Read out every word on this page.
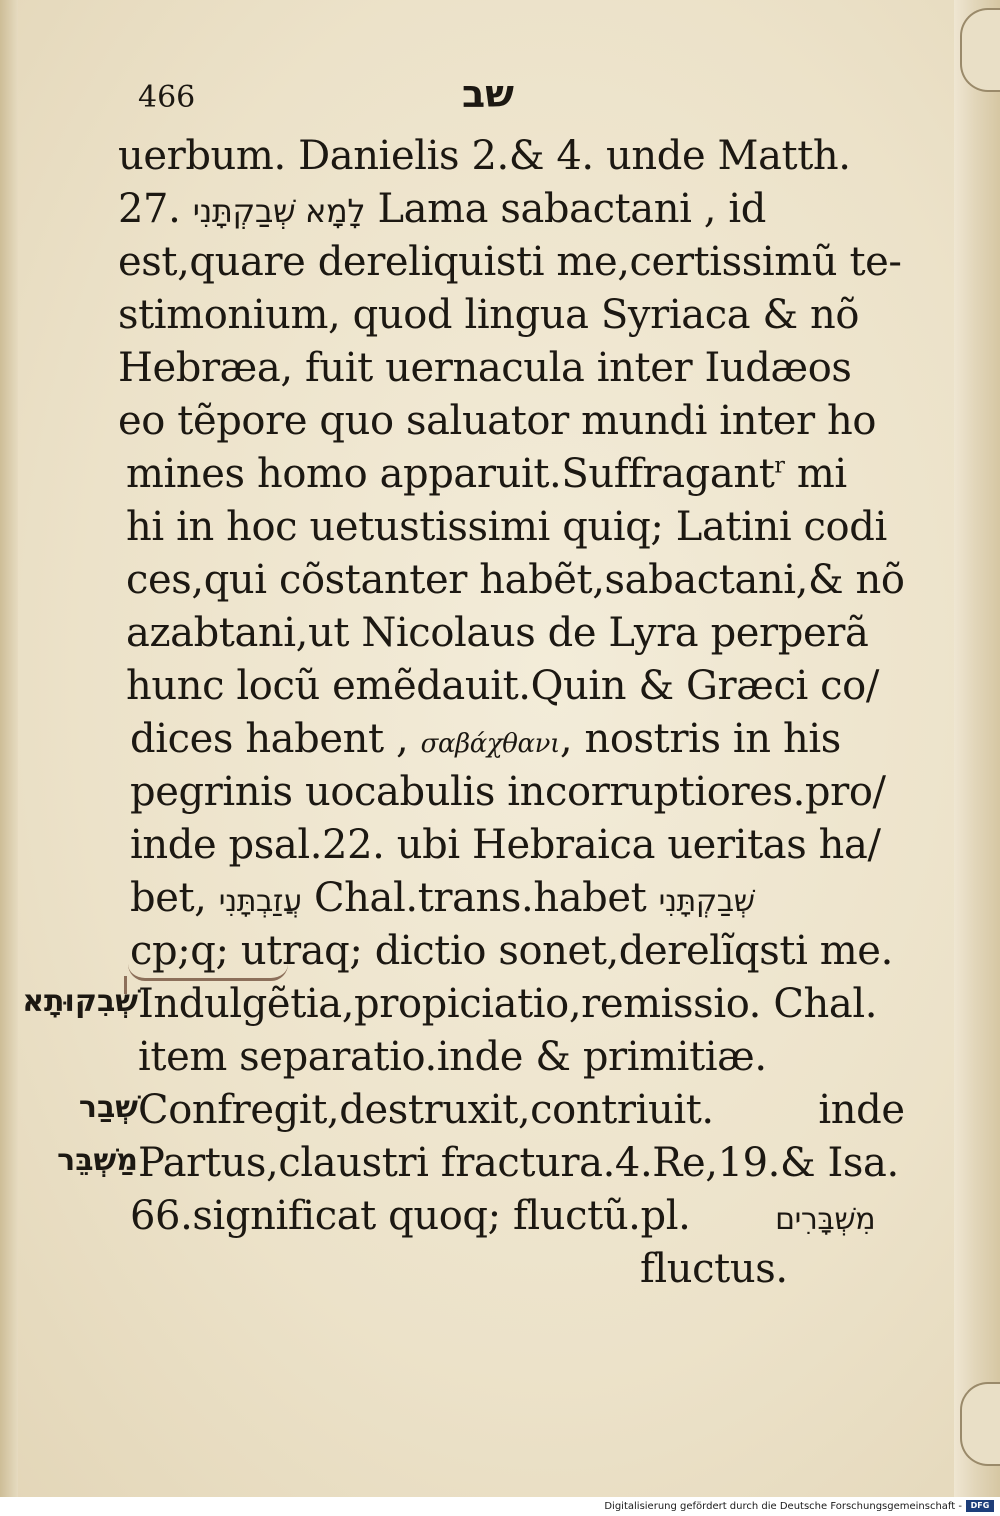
466	שב
uerbum. Danielis 2.& 4. unde Matth.
27. לָמָא שְׁבַקְתָּנִי Lama sabactani , id
est,quare dereliquisti me,certissimũ te-
stimonium, quod lingua Syriaca & nõ
Hebræa, fuit uernacula inter Iudæos
eo tẽpore quo saluator mundi inter ho
mines homo apparuit.Suffragant$^r$ mi
hi in hoc uetustissimi quiq; Latini codi
ces,qui cõstanter habẽt,sabactani,& nõ
azabtani,ut Nicolaus de Lyra perperã
hunc locũ emẽdauit.Quin & Græci co/
dices habent , σαβάχθανι, nostris in his
pegrinis uocabulis incorruptiores.pro/
inde psal.22. ubi Hebraica ueritas ha/
bet, עֲזַבְתָּנִי Chal.trans.habet שְׁבַקְתָּנִי
cp;q; utraq; dictio sonet,derelĩqsti me.
Indulgẽtia,propiciatio,remissio. Chal.
item separatio.inde & primitiæ.
Confregit,destruxit,contriuit.	inde
Partus,claustri fractura.4.Re,19.& Isa.
66.significat quoq; fluctũ.pl.	מִשְׁבָּרִים
fluctus.
שְׁבִקוּתָא
שְׁבַר
מַשְׁבֵּר
Digitalisierung gefördert durch die Deutsche Forschungsgemeinschaft -	DFG
